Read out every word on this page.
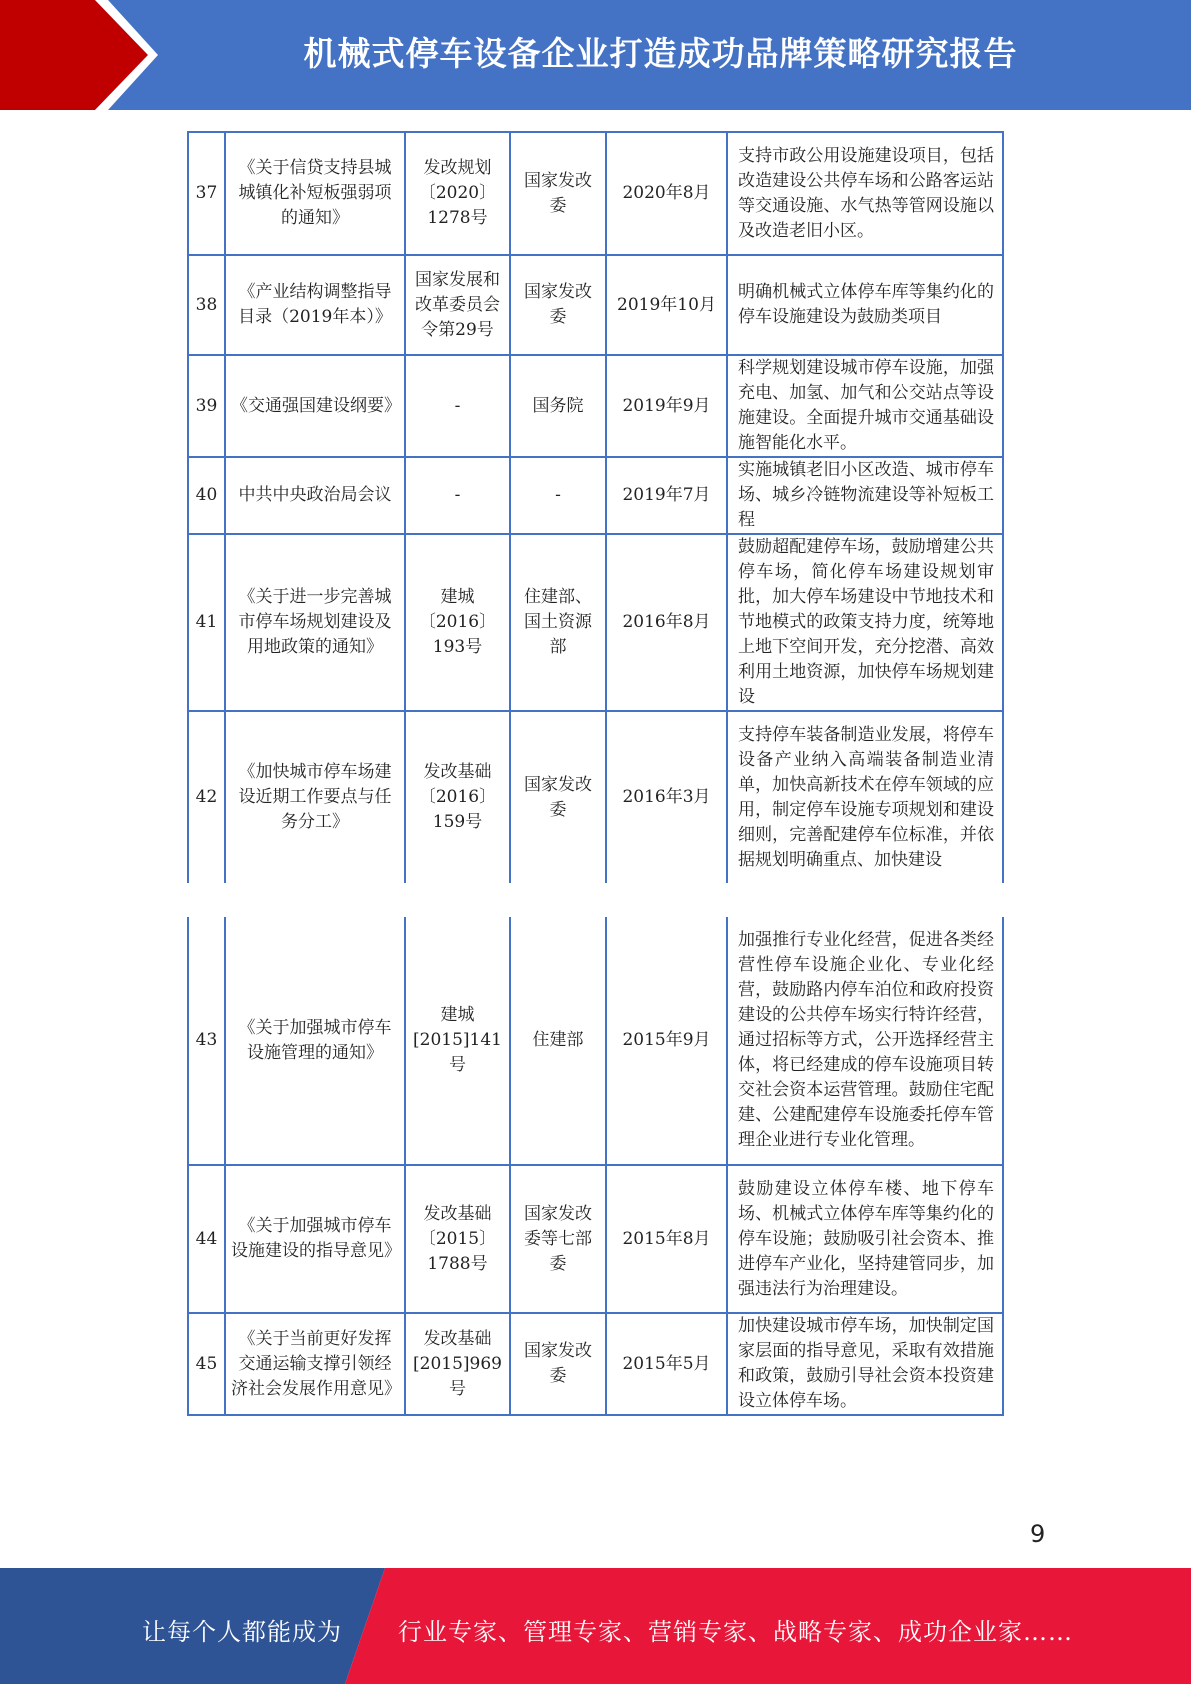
机械式停车设备企业打造成功品牌策略研究报告
37	《关于信贷支持县城城镇化补短板强弱项的通知》	发改规划〔2020〕1278号	国家发改委	2020年8月	支持市政公用设施建设项目，包括改造建设公共停车场和公路客运站等交通设施、水气热等管网设施以及改造老旧小区。
38	《产业结构调整指导目录（2019年本）》	国家发展和改革委员会令第29号	国家发改委	2019年10月	明确机械式立体停车库等集约化的停车设施建设为鼓励类项目
39	《交通强国建设纲要》	-	国务院	2019年9月	科学规划建设城市停车设施，加强充电、加氢、加气和公交站点等设施建设。全面提升城市交通基础设施智能化水平。
40	中共中央政治局会议	-	-	2019年7月	实施城镇老旧小区改造、城市停车场、城乡冷链物流建设等补短板工程
41	《关于进一步完善城市停车场规划建设及用地政策的通知》	建城〔2016〕193号	住建部、国土资源部	2016年8月	鼓励超配建停车场，鼓励增建公共停车场，简化停车场建设规划审批，加大停车场建设中节地技术和节地模式的政策支持力度，统筹地上地下空间开发，充分挖潜、高效利用土地资源，加快停车场规划建设
42	《加快城市停车场建设近期工作要点与任务分工》	发改基础〔2016〕159号	国家发改委	2016年3月	支持停车装备制造业发展，将停车设备产业纳入高端装备制造业清单，加快高新技术在停车领域的应用，制定停车设施专项规划和建设细则，完善配建停车位标准，并依据规划明确重点、加快建设
43	《关于加强城市停车设施管理的通知》	建城[2015]141号	住建部	2015年9月	加强推行专业化经营，促进各类经营性停车设施企业化、专业化经营，鼓励路内停车泊位和政府投资建设的公共停车场实行特许经营，通过招标等方式，公开选择经营主体，将已经建成的停车设施项目转交社会资本运营管理。鼓励住宅配建、公建配建停车设施委托停车管理企业进行专业化管理。
44	《关于加强城市停车设施建设的指导意见》	发改基础〔2015〕1788号	国家发改委等七部委	2015年8月	鼓励建设立体停车楼、地下停车场、机械式立体停车库等集约化的停车设施；鼓励吸引社会资本、推进停车产业化，坚持建管同步，加强违法行为治理建设。
45	《关于当前更好发挥交通运输支撑引领经济社会发展作用意见》	发改基础[2015]969号	国家发改委	2015年5月	加快建设城市停车场，加快制定国家层面的指导意见，采取有效措施和政策，鼓励引导社会资本投资建设立体停车场。
9
让每个人都能成为 行业专家、管理专家、营销专家、战略专家、成功企业家……
